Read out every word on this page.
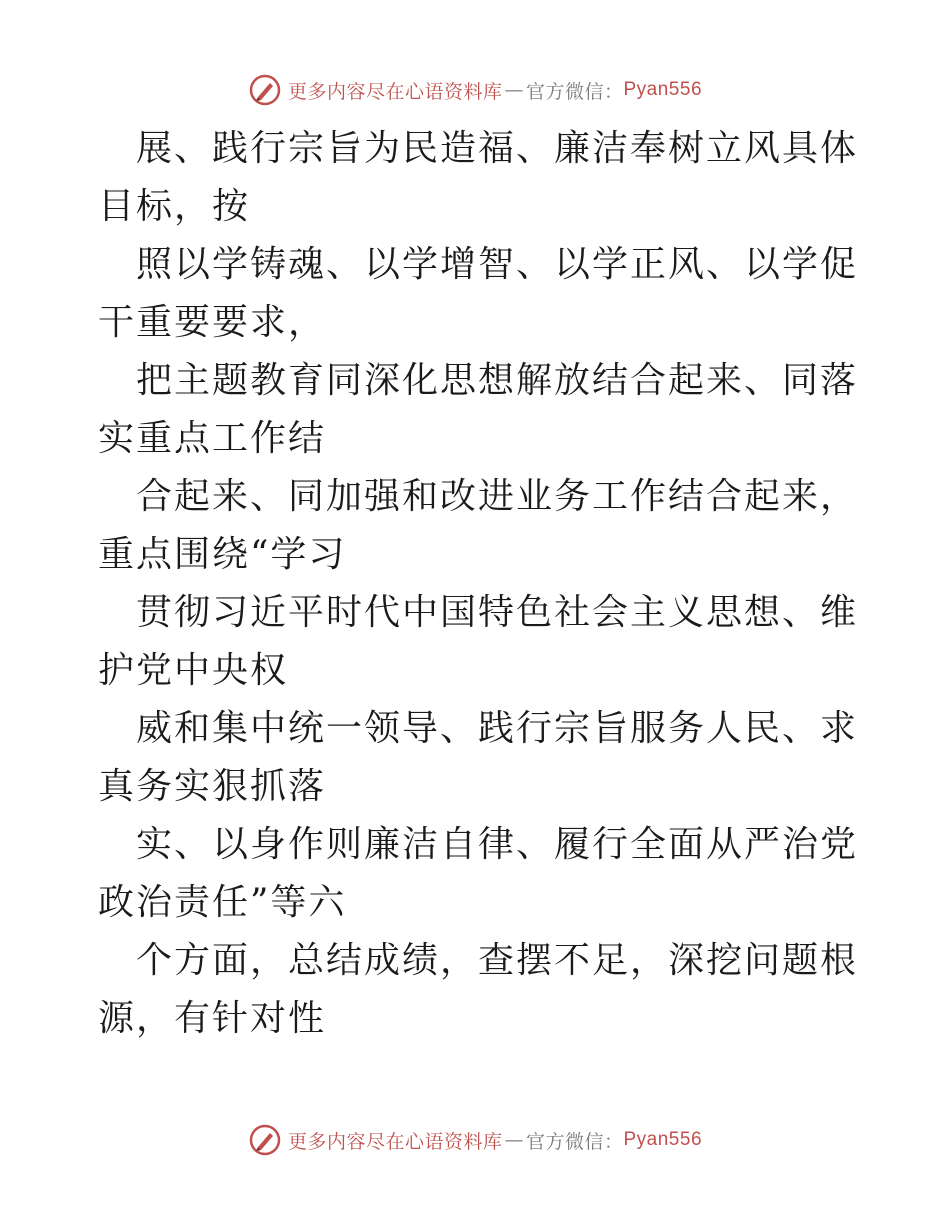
更多内容尽在心语资料库 — 官方微信： Pyan556

展、践行宗旨为民造福、廉洁奉树立风具体目标，按

照以学铸魂、以学增智、以学正风、以学促干重要要求，

把主题教育同深化思想解放结合起来、同落实重点工作结

合起来、同加强和改进业务工作结合起来，重点围绕“学习

贯彻习近平时代中国特色社会主义思想、维护党中央权

威和集中统一领导、践行宗旨服务人民、求真务实狠抓落

实、以身作则廉洁自律、履行全面从严治党政治责任”等六

个方面，总结成绩，查摆不足，深挖问题根源，有针对性

更多内容尽在心语资料库 — 官方微信： Pyan556
